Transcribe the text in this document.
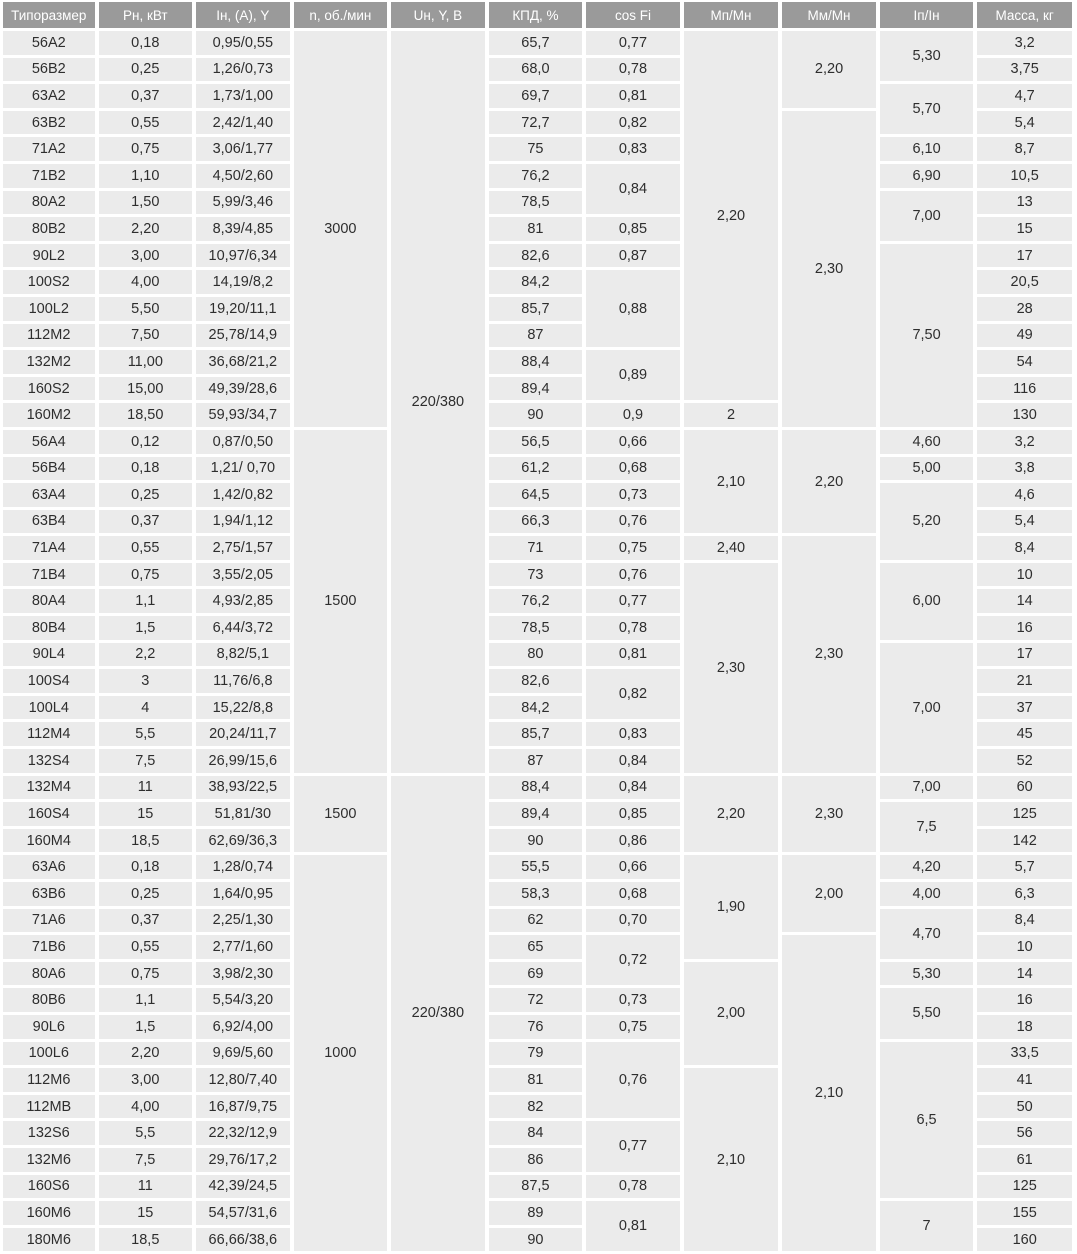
Типоразмер	Рн, кВт	Iн, (А), Y	n, об./мин	Uн, Y, В	КПД, %	cos Fi	Мп/Мн	Мм/Мн	Iп/Iн	Масса, кг
56А2	0,18	0,95/0,55	3000	220/380	65,7	0,77	2,20	2,20	5,30	3,2
56В2	0,25	1,26/0,73			68,0	0,78				3,75
63А2	0,37	1,73/1,00			69,7	0,81			5,70	4,7
63В2	0,55	2,42/1,40			72,7	0,82		2,30		5,4
71А2	0,75	3,06/1,77			75	0,83			6,10	8,7
71В2	1,10	4,50/2,60			76,2	0,84			6,90	10,5
80А2	1,50	5,99/3,46			78,5				7,00	13
80В2	2,20	8,39/4,85			81	0,85				15
90L2	3,00	10,97/6,34			82,6	0,87			7,50	17
100S2	4,00	14,19/8,2			84,2	0,88				20,5
100L2	5,50	19,20/11,1			85,7					28
112М2	7,50	25,78/14,9			87					49
132М2	11,00	36,68/21,2			88,4	0,89				54
160S2	15,00	49,39/28,6			89,4					116
160М2	18,50	59,93/34,7			90	0,9	2			130
56А4	0,12	0,87/0,50	1500		56,5	0,66	2,10	2,20	4,60	3,2
56В4	0,18	1,21/ 0,70			61,2	0,68			5,00	3,8
63А4	0,25	1,42/0,82			64,5	0,73			5,20	4,6
63В4	0,37	1,94/1,12			66,3	0,76				5,4
71А4	0,55	2,75/1,57			71	0,75	2,40	2,30		8,4
71В4	0,75	3,55/2,05			73	0,76	2,30		6,00	10
80А4	1,1	4,93/2,85			76,2	0,77				14
80В4	1,5	6,44/3,72			78,5	0,78				16
90L4	2,2	8,82/5,1			80	0,81			7,00	17
100S4	3	11,76/6,8			82,6	0,82				21
100L4	4	15,22/8,8			84,2					37
112М4	5,5	20,24/11,7			85,7	0,83				45
132S4	7,5	26,99/15,6			87	0,84				52
132М4	11	38,93/22,5	1500	220/380	88,4	0,84	2,20	2,30	7,00	60
160S4	15	51,81/30			89,4	0,85			7,5	125
160М4	18,5	62,69/36,3			90	0,86				142
63А6	0,18	1,28/0,74	1000		55,5	0,66	1,90	2,00	4,20	5,7
63В6	0,25	1,64/0,95			58,3	0,68			4,00	6,3
71А6	0,37	2,25/1,30			62	0,70			4,70	8,4
71В6	0,55	2,77/1,60			65	0,72		2,10		10
80А6	0,75	3,98/2,30			69		2,00		5,30	14
80В6	1,1	5,54/3,20			72	0,73			5,50	16
90L6	1,5	6,92/4,00			76	0,75				18
100L6	2,20	9,69/5,60			79	0,76			6,5	33,5
112М6	3,00	12,80/7,40			81		2,10			41
112МВ	4,00	16,87/9,75			82					50
132S6	5,5	22,32/12,9			84	0,77				56
132М6	7,5	29,76/17,2			86					61
160S6	11	42,39/24,5			87,5	0,78				125
160М6	15	54,57/31,6			89	0,81			7	155
180М6	18,5	66,66/38,6			90					160
